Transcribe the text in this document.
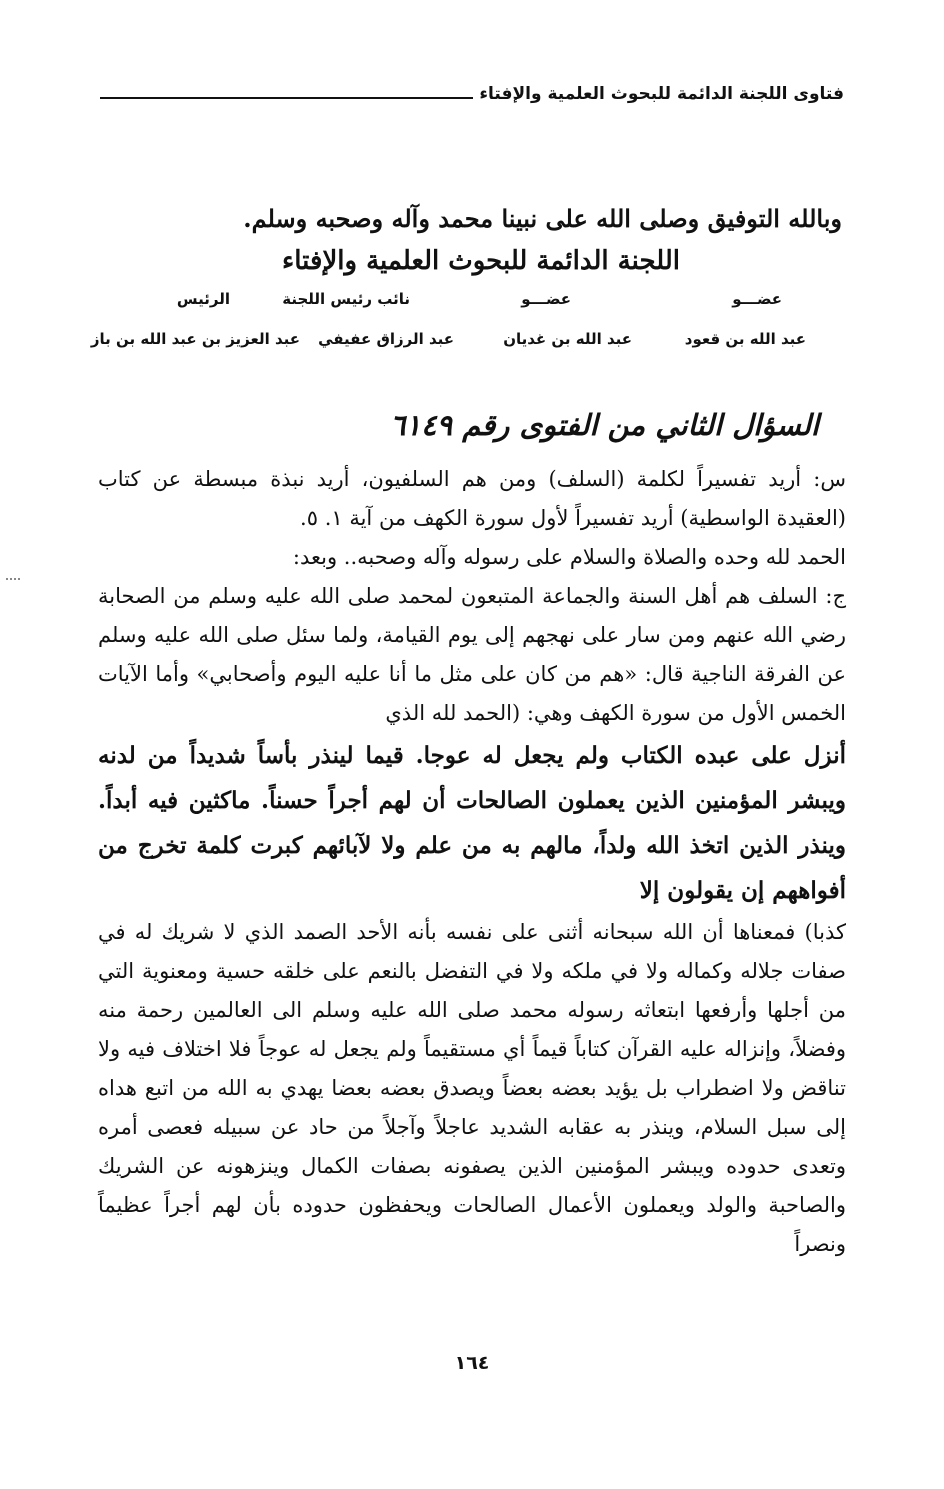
فتاوى اللجنة الدائمة للبحوث العلمية والإفتاء
وبالله التوفيق وصلى الله على نبينا محمد وآله وصحبه وسلم.
اللجنة الدائمة للبحوث العلمية والإفتاء
عضـــو
عضـــو
نائب رئيس اللجنة
الرئيس
عبد الله بن قعود
عبد الله بن غديان
عبد الرزاق عفيفي
عبد العزيز بن عبد الله بن باز
السؤال الثاني من الفتوى رقم ٦١٤٩

س: أريد تفسيراً لكلمة (السلف) ومن هم السلفيون، أريد نبذة مبسطة عن كتاب (العقيدة الواسطية) أريد تفسيراً لأول سورة الكهف من آية ١. ٥.

الحمد لله وحده والصلاة والسلام على رسوله وآله وصحبه.. وبعد:

ج: السلف هم أهل السنة والجماعة المتبعون لمحمد صلى الله عليه وسلم من الصحابة رضي الله عنهم ومن سار على نهجهم إلى يوم القيامة، ولما سئل صلى الله عليه وسلم عن الفرقة الناجية قال: «هم من كان على مثل ما أنا عليه اليوم وأصحابي» وأما الآيات الخمس الأول من سورة الكهف وهي: (الحمد لله الذي

أنزل على عبده الكتاب ولم يجعل له عوجا. قيما لينذر بأساً شديداً من لدنه ويبشر المؤمنين الذين يعملون الصالحات أن لهم أجراً حسناً. ماكثين فيه أبداً. وينذر الذين اتخذ الله ولداً، مالهم به من علم ولا لآبائهم كبرت كلمة تخرج من أفواههم إن يقولون إلا

كذبا) فمعناها أن الله سبحانه أثنى على نفسه بأنه الأحد الصمد الذي لا شريك له في صفات جلاله وكماله ولا في ملكه ولا في التفضل بالنعم على خلقه حسية ومعنوية التي من أجلها وأرفعها ابتعاثه رسوله محمد صلى الله عليه وسلم الى العالمين رحمة منه وفضلاً، وإنزاله عليه القرآن كتاباً قيماً أي مستقيماً ولم يجعل له عوجاً فلا اختلاف فيه ولا تناقض ولا اضطراب بل يؤيد بعضه بعضاً ويصدق بعضه بعضا يهدي به الله من اتبع هداه إلى سبل السلام، وينذر به عقابه الشديد عاجلاً وآجلاً من حاد عن سبيله فعصى أمره وتعدى حدوده ويبشر المؤمنين الذين يصفونه بصفات الكمال وينزهونه عن الشريك والصاحبة والولد ويعملون الأعمال الصالحات ويحفظون حدوده بأن لهم أجراً عظيماً ونصراً

١٦٤
